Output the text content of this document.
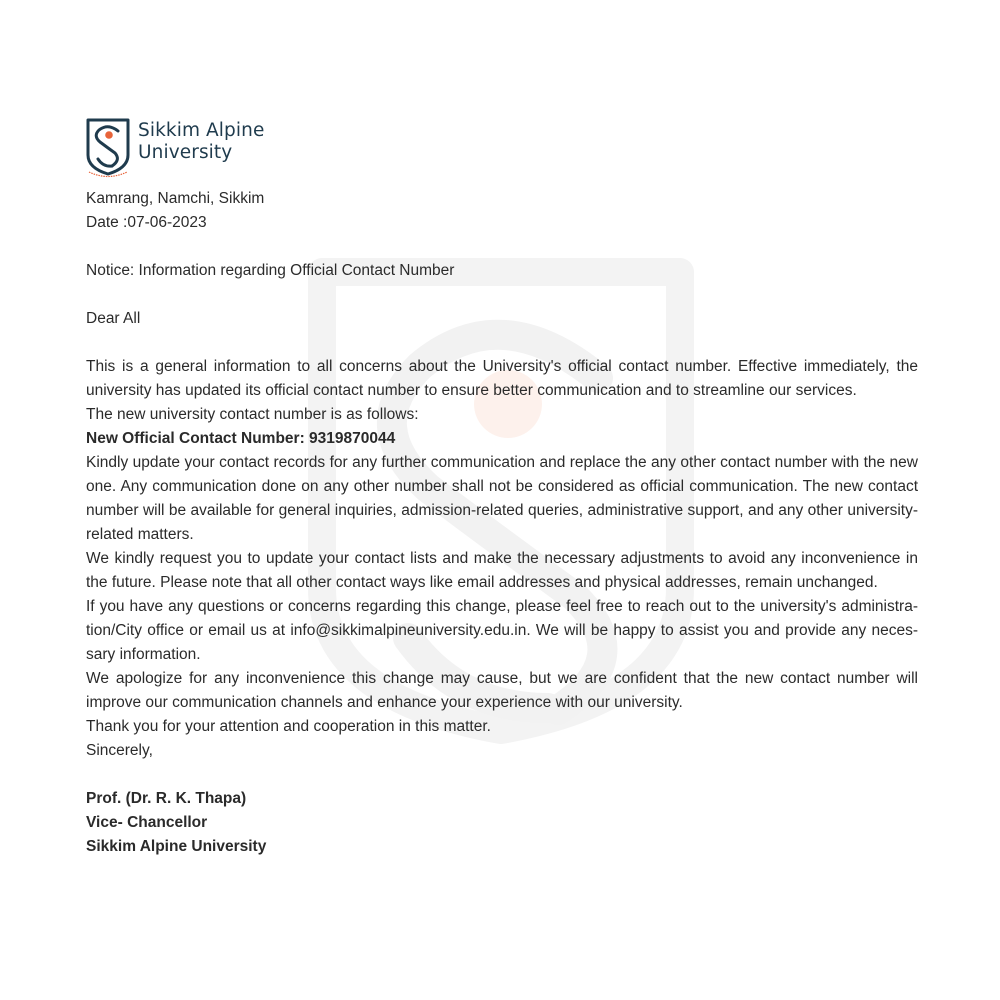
Sikkim Alpine
University

Kamrang, Namchi, Sikkim

Date :07-06-2023

Notice: Information regarding Official Contact Number

Dear All

This is a general information to all concerns about the University's official contact number. Effective immediately, the university has updated its official contact number to ensure better communication and to streamline our services.

The new university contact number is as follows:

New Official Contact Number: 9319870044

Kindly update your contact records for any further communication and replace the any other contact number with the new one. Any communication done on any other number shall not be considered as official communication. The new contact number will be available for general inquiries, admission-related queries, administrative support, and any other university-related matters.

We kindly request you to update your contact lists and make the necessary adjustments to avoid any inconvenience in the future. Please note that all other contact ways like email addresses and physical addresses, remain unchanged.

If you have any questions or concerns regarding this change, please feel free to reach out to the university's administra-tion/City office or email us at info@sikkimalpineuniversity.edu.in. We will be happy to assist you and provide any neces-sary information.

We apologize for any inconvenience this change may cause, but we are confident that the new contact number will improve our communication channels and enhance your experience with our university.

Thank you for your attention and cooperation in this matter.

Sincerely,

Prof. (Dr. R. K. Thapa)

Vice- Chancellor

Sikkim Alpine University
